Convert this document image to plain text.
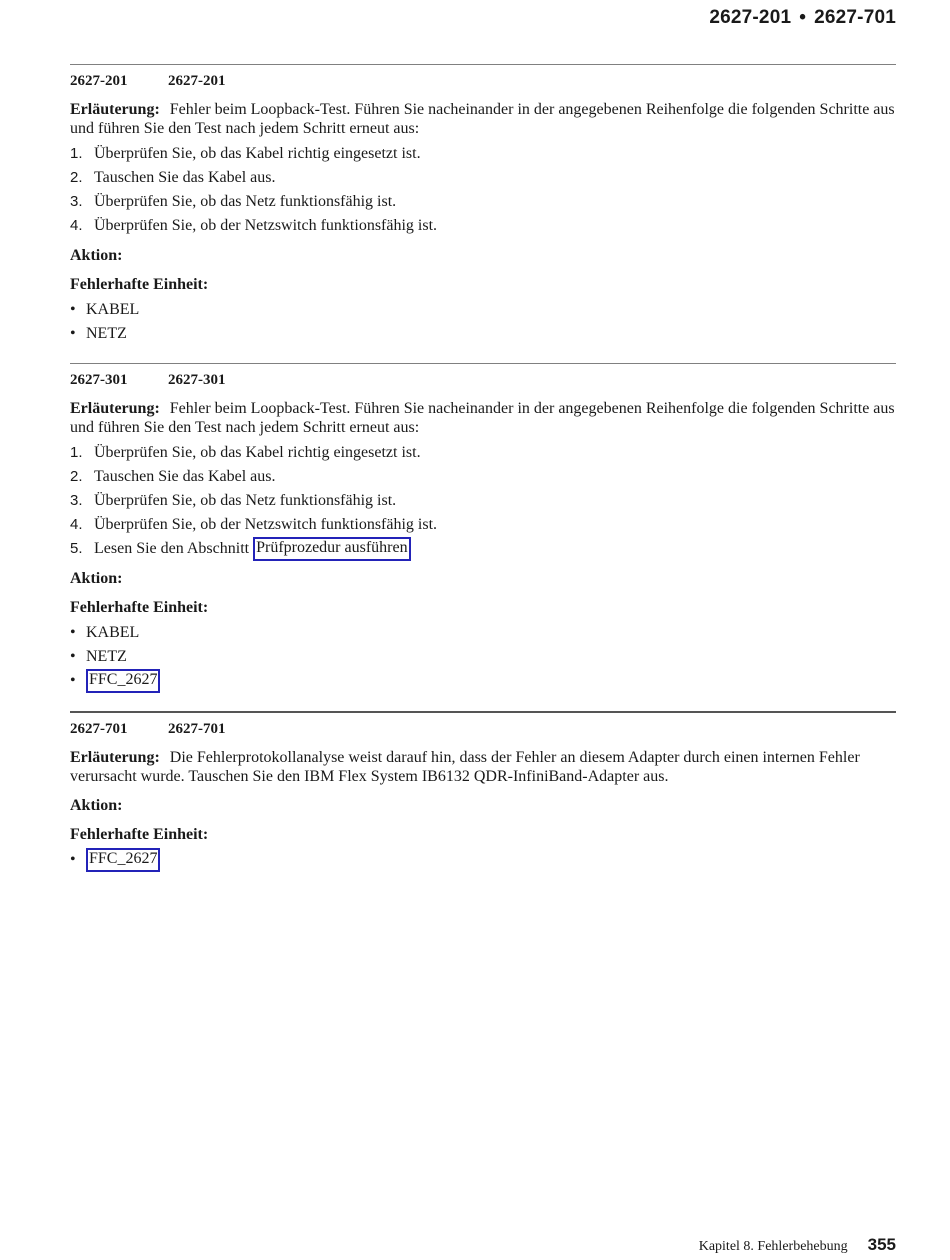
2627-201 • 2627-701
2627-201	2627-201
Erläuterung: Fehler beim Loopback-Test. Führen Sie nacheinander in der angegebenen Reihenfolge die folgenden Schritte aus und führen Sie den Test nach jedem Schritt erneut aus:
1. Überprüfen Sie, ob das Kabel richtig eingesetzt ist.
2. Tauschen Sie das Kabel aus.
3. Überprüfen Sie, ob das Netz funktionsfähig ist.
4. Überprüfen Sie, ob der Netzswitch funktionsfähig ist.
Aktion:
Fehlerhafte Einheit:
• KABEL
• NETZ
2627-301	2627-301
Erläuterung: Fehler beim Loopback-Test. Führen Sie nacheinander in der angegebenen Reihenfolge die folgenden Schritte aus und führen Sie den Test nach jedem Schritt erneut aus:
1. Überprüfen Sie, ob das Kabel richtig eingesetzt ist.
2. Tauschen Sie das Kabel aus.
3. Überprüfen Sie, ob das Netz funktionsfähig ist.
4. Überprüfen Sie, ob der Netzswitch funktionsfähig ist.
5. Lesen Sie den Abschnitt
Prüfprozedur ausführen
Aktion:
Fehlerhafte Einheit:
• KABEL
• NETZ
• FFC_2627
2627-701	2627-701
Erläuterung: Die Fehlerprotokollanalyse weist darauf hin, dass der Fehler an diesem Adapter durch einen internen Fehler verursacht wurde. Tauschen Sie den IBM Flex System IB6132 QDR-InfiniBand-Adapter aus.
Aktion:
Fehlerhafte Einheit:
• FFC_2627
Kapitel 8. Fehlerbehebung 355
